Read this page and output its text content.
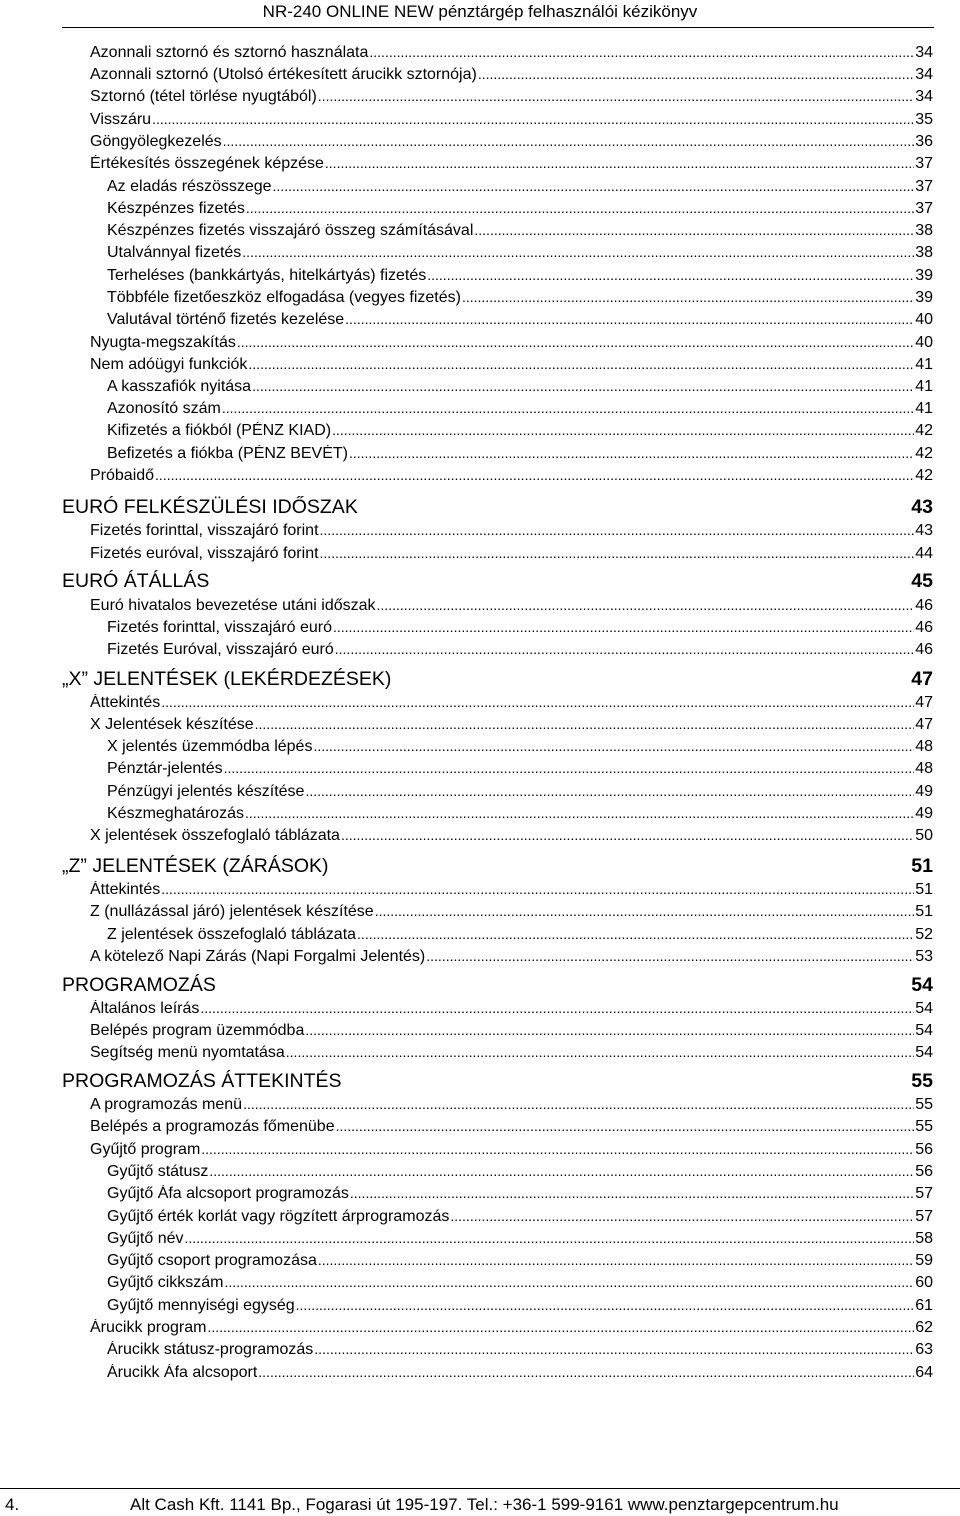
NR-240 ONLINE NEW pénztárgép felhasználói kézikönyv
Azonnali sztornó és sztornó használata .....	34
Azonnali sztornó (Utolsó értékesített árucikk sztornója) .....	34
Sztornó (tétel törlése nyugtából) .....	34
Visszáru .....	35
Göngyölegkezelés .....	36
Értékesítés összegének képzése .....	37
Az eladás részösszege .....	37
Készpénzes fizetés .....	37
Készpénzes fizetés visszajáró összeg számításával .....	38
Utalvánnyal fizetés .....	38
Terheléses (bankkártyás, hitelkártyás) fizetés .....	39
Többféle fizetőeszköz elfogadása (vegyes fizetés) .....	39
Valutával történő fizetés kezelése .....	40
Nyugta-megszakítás .....	40
Nem adóügyi funkciók .....	41
A kasszafiók nyitása .....	41
Azonosító szám .....	41
Kifizetés a fiókból (PÉNZ KIAD) .....	42
Befizetés a fiókba (PÉNZ BEVÉT) .....	42
Próbaidő .....	42
EURÓ FELKÉSZÜLÉSI IDŐSZAK	43
Fizetés forinttal, visszajáró forint .....	43
Fizetés euróval, visszajáró forint .....	44
EURÓ ÁTÁLLÁS	45
Euró hivatalos bevezetése utáni időszak .....	46
Fizetés forinttal, visszajáró euró .....	46
Fizetés Euróval, visszajáró euró .....	46
„X” JELENTÉSEK (LEKÉRDEZÉSEK)	47
Áttekintés .....	47
X Jelentések készítése .....	47
X jelentés üzemmódba lépés .....	48
Pénztár-jelentés .....	48
Pénzügyi jelentés készítése .....	49
Készmeghatározás .....	49
X jelentések összefoglaló táblázata .....	50
„Z” JELENTÉSEK (ZÁRÁSOK)	51
Áttekintés .....	51
Z (nullázással járó) jelentések készítése .....	51
Z jelentések összefoglaló táblázata .....	52
A kötelező Napi Zárás (Napi Forgalmi Jelentés) .....	53
PROGRAMOZÁS	54
Általános leírás .....	54
Belépés program üzemmódba .....	54
Segítség menü nyomtatása .....	54
PROGRAMOZÁS ÁTTEKINTÉS	55
A programozás menü .....	55
Belépés a programozás főmenübe .....	55
Gyűjtő program .....	56
Gyűjtő státusz .....	56
Gyűjtő Áfa alcsoport programozás .....	57
Gyűjtő érték korlát vagy rögzített árprogramozás .....	57
Gyűjtő név .....	58
Gyűjtő csoport programozása .....	59
Gyűjtő cikkszám .....	60
Gyűjtő mennyiségi egység .....	61
Árucikk program .....	62
Árucikk státusz-programozás .....	63
Árucikk Áfa alcsoport .....	64
4.	Alt Cash Kft. 1141 Bp., Fogarasi út 195-197. Tel.: +36-1 599-9161 www.penztargepcentrum.hu
